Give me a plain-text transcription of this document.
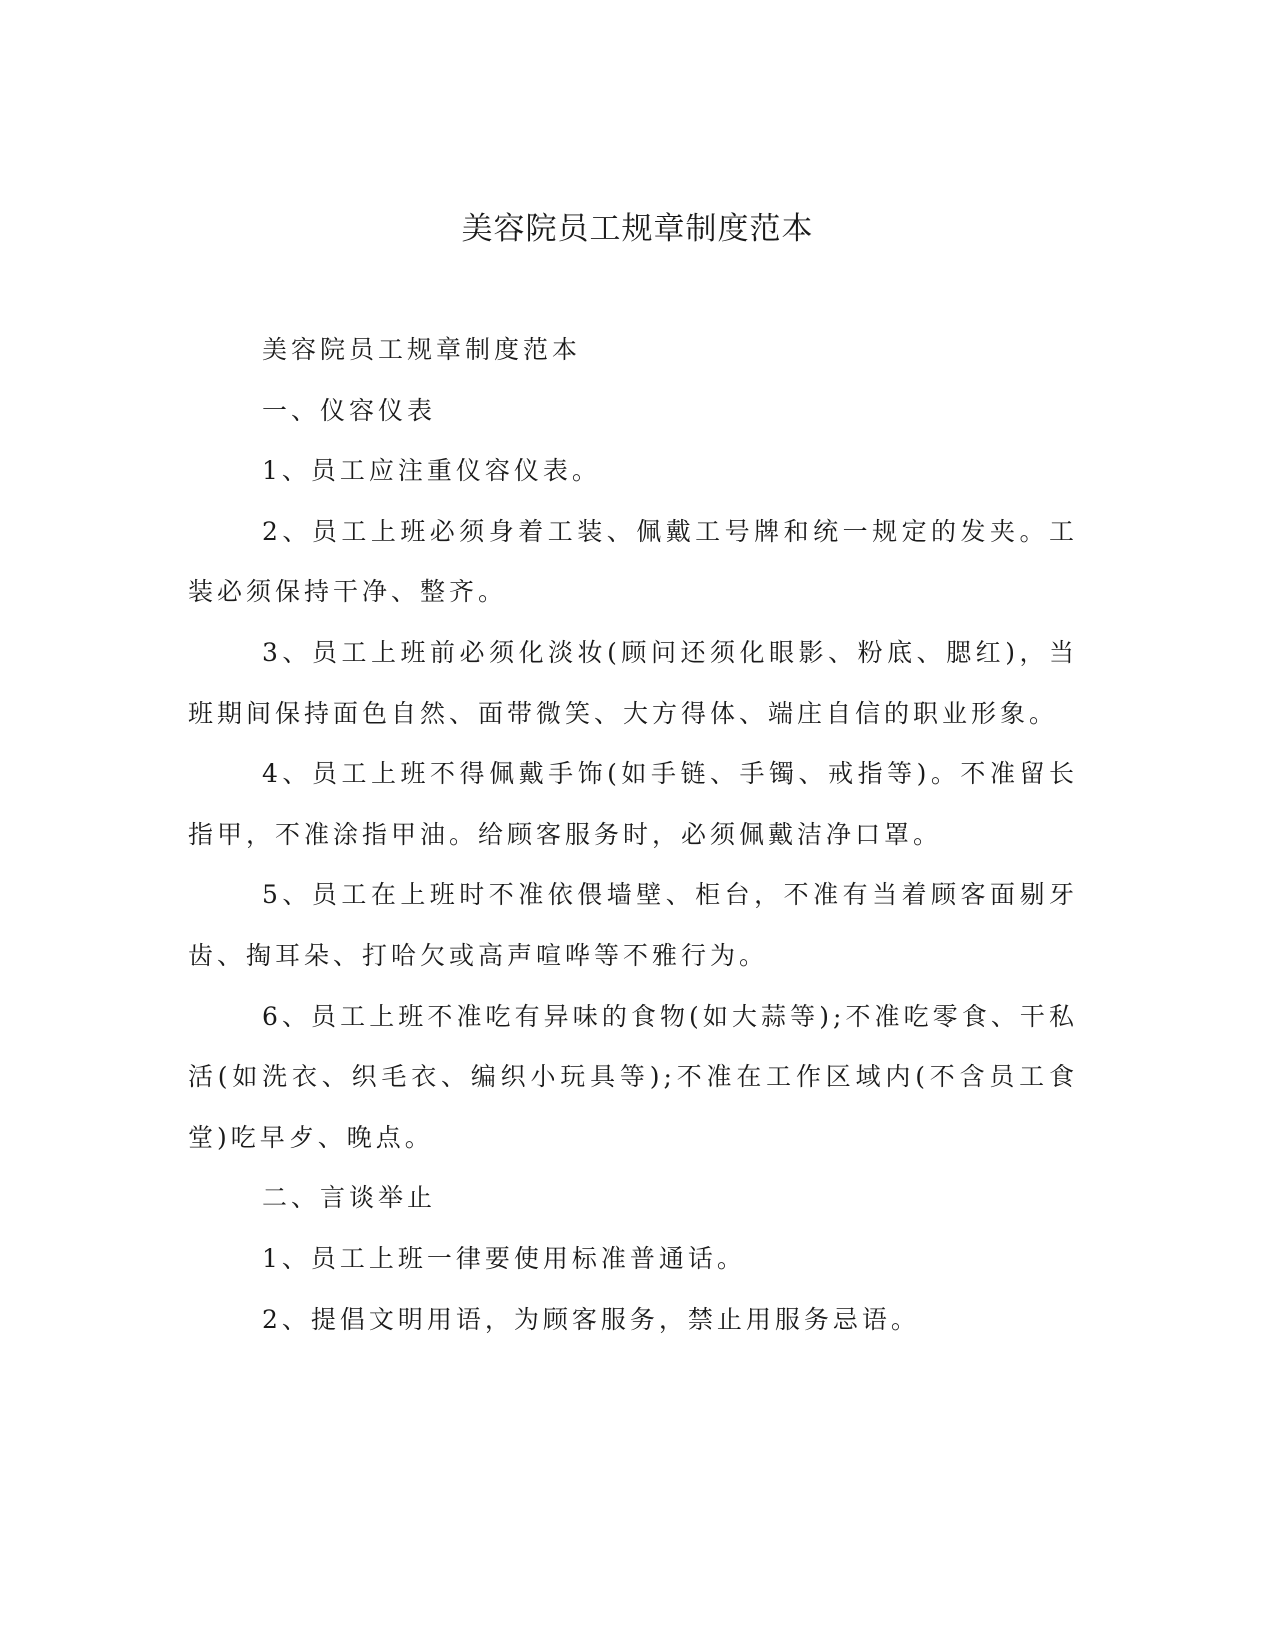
美容院员工规章制度范本

美容院员工规章制度范本

一、仪容仪表

1、员工应注重仪容仪表。

2、员工上班必须身着工装、佩戴工号牌和统一规定的发夹。工装必须保持干净、整齐。

3、员工上班前必须化淡妆(顾问还须化眼影、粉底、腮红)，当班期间保持面色自然、面带微笑、大方得体、端庄自信的职业形象。

4、员工上班不得佩戴手饰(如手链、手镯、戒指等)。不准留长指甲，不准涂指甲油。给顾客服务时，必须佩戴洁净口罩。

5、员工在上班时不准依偎墙壁、柜台，不准有当着顾客面剔牙齿、掏耳朵、打哈欠或高声喧哗等不雅行为。

6、员工上班不准吃有异味的食物(如大蒜等);不准吃零食、干私活(如洗衣、织毛衣、编织小玩具等);不准在工作区域内(不含员工食堂)吃早歺、晚点。

二、言谈举止

1、员工上班一律要使用标准普通话。

2、提倡文明用语，为顾客服务，禁止用服务忌语。
